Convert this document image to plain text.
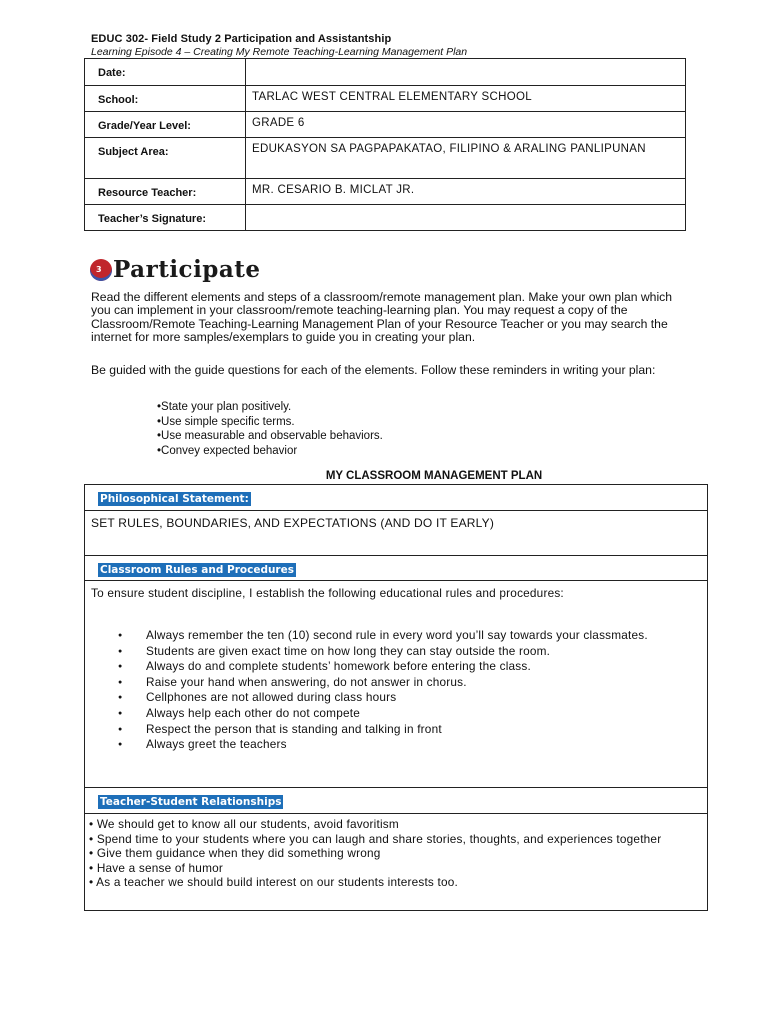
EDUC 302- Field Study 2 Participation and Assistantship
Learning Episode 4 – Creating My Remote Teaching-Learning Management Plan
Date:	
School:	TARLAC WEST CENTRAL ELEMENTARY SCHOOL
Grade/Year Level:	GRADE 6
Subject Area:	EDUKASYON SA PAGPAPAKATAO, FILIPINO & ARALING PANLIPUNAN
Resource Teacher:	MR. CESARIO B. MICLAT JR.
Teacher’s Signature:	
3 Participate
Read the different elements and steps of a classroom/remote management plan. Make your own plan which you can implement in your classroom/remote teaching-learning plan. You may request a copy of the Classroom/Remote Teaching-Learning Management Plan of your Resource Teacher or you may search the internet for more samples/exemplars to guide you in creating your plan.
Be guided with the guide questions for each of the elements. Follow these reminders in writing your plan:
• State your plan positively.
• Use simple specific terms.
• Use measurable and observable behaviors.
• Convey expected behavior
MY CLASSROOM MANAGEMENT PLAN
Philosophical Statement:
SET RULES, BOUNDARIES, AND EXPECTATIONS (AND DO IT EARLY)
Classroom Rules and Procedures
To ensure student discipline, I establish the following educational rules and procedures:
● Always remember the ten (10) second rule in every word you’ll say towards your classmates.
● Students are given exact time on how long they can stay outside the room.
● Always do and complete students’ homework before entering the class.
● Raise your hand when answering, do not answer in chorus.
● Cellphones are not allowed during class hours
● Always help each other do not compete
● Respect the person that is standing and talking in front
● Always greet the teachers
Teacher-Student Relationships
• We should get to know all our students, avoid favoritism
• Spend time to your students where you can laugh and share stories, thoughts, and experiences together
• Give them guidance when they did something wrong
• Have a sense of humor
• As a teacher we should build interest on our students interests too.
